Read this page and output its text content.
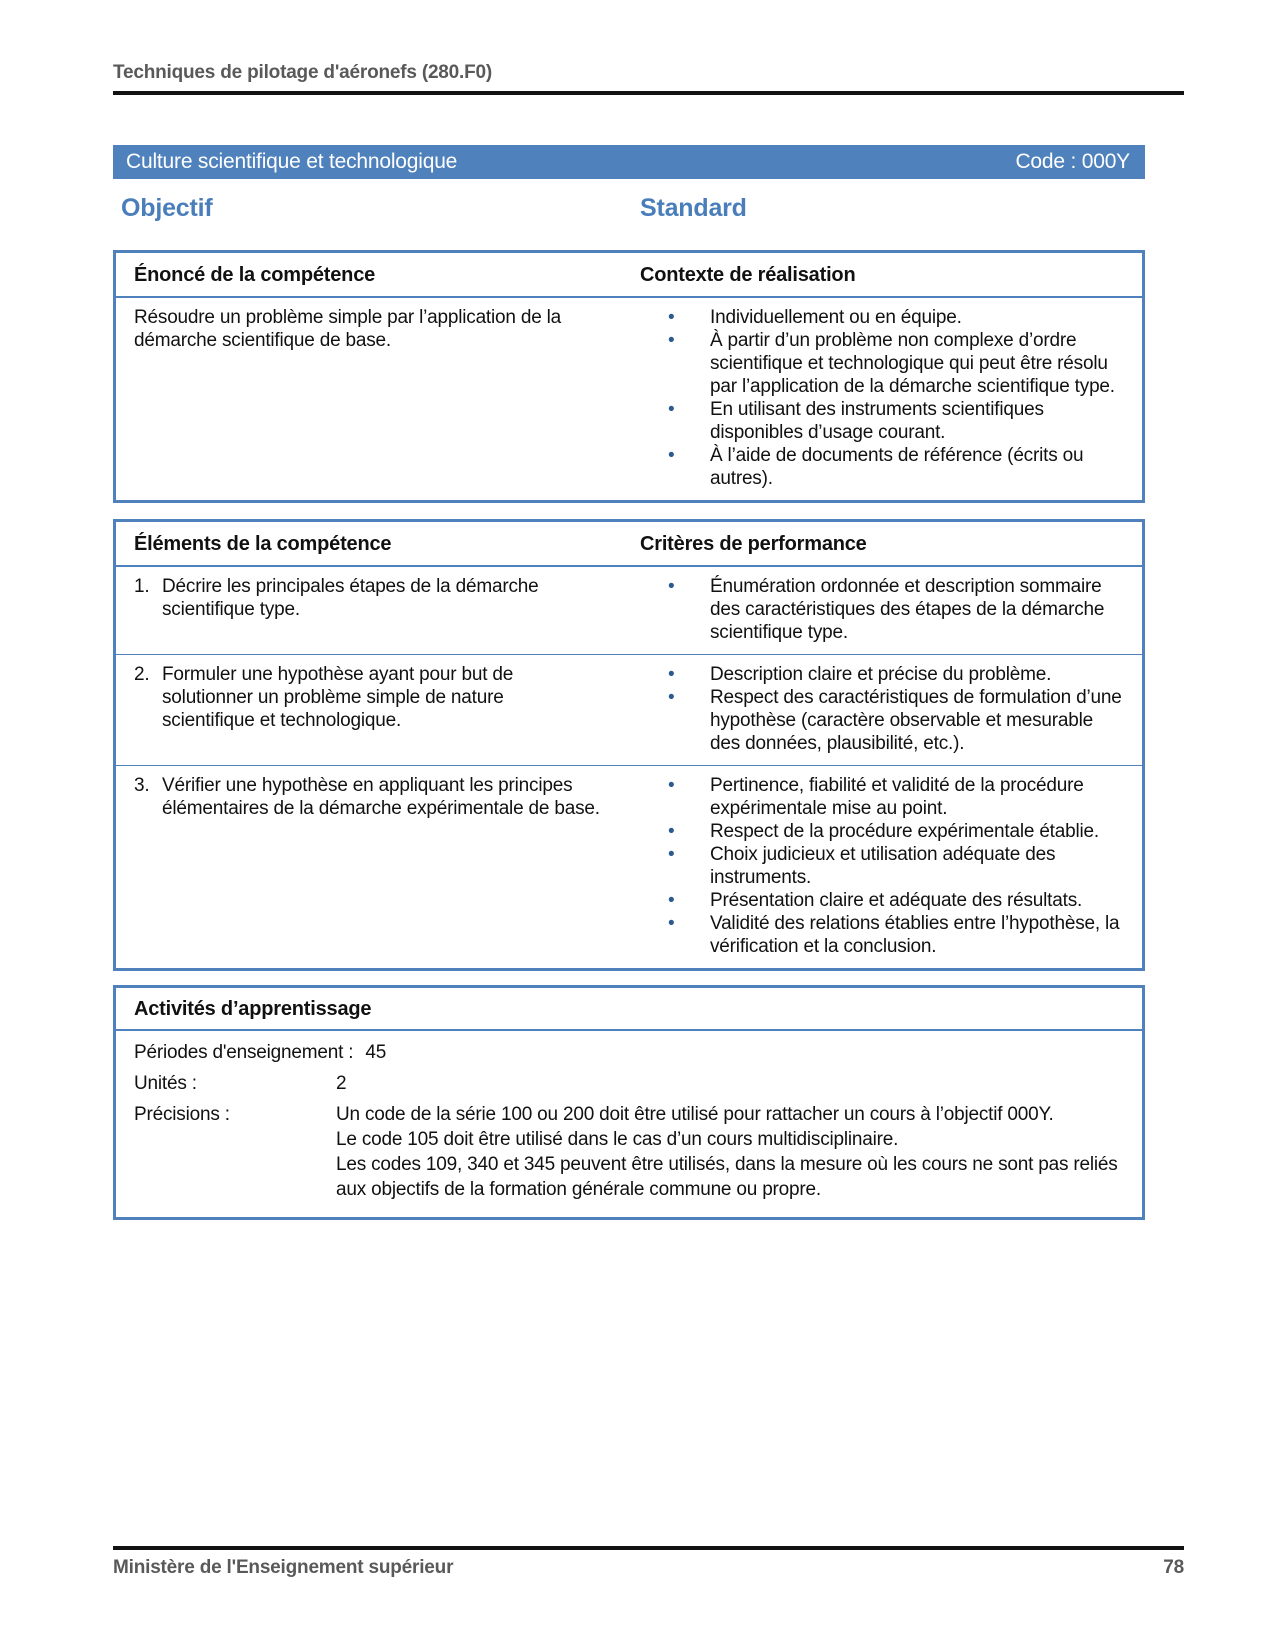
Techniques de pilotage d'aéronefs (280.F0)
Culture scientifique et technologique	Code : 000Y
Objectif	Standard
Énoncé de la compétence	Contexte de réalisation
Résoudre un problème simple par l’application de la démarche scientifique de base.
•	Individuellement ou en équipe.
•	À partir d’un problème non complexe d’ordre scientifique et technologique qui peut être résolu par l’application de la démarche scientifique type.
•	En utilisant des instruments scientifiques disponibles d’usage courant.
•	À l’aide de documents de référence (écrits ou autres).
Éléments de la compétence	Critères de performance
1. Décrire les principales étapes de la démarche scientifique type.
•	Énumération ordonnée et description sommaire des caractéristiques des étapes de la démarche scientifique type.
2. Formuler une hypothèse ayant pour but de solutionner un problème simple de nature scientifique et technologique.
•	Description claire et précise du problème.
•	Respect des caractéristiques de formulation d’une hypothèse (caractère observable et mesurable des données, plausibilité, etc.).
3. Vérifier une hypothèse en appliquant les principes élémentaires de la démarche expérimentale de base.
•	Pertinence, fiabilité et validité de la procédure expérimentale mise au point.
•	Respect de la procédure expérimentale établie.
•	Choix judicieux et utilisation adéquate des instruments.
•	Présentation claire et adéquate des résultats.
•	Validité des relations établies entre l’hypothèse, la vérification et la conclusion.
Activités d’apprentissage
Périodes d'enseignement : 45
Unités :	2
Précisions :	Un code de la série 100 ou 200 doit être utilisé pour rattacher un cours à l’objectif 000Y.
Le code 105 doit être utilisé dans le cas d’un cours multidisciplinaire.
Les codes 109, 340 et 345 peuvent être utilisés, dans la mesure où les cours ne sont pas reliés aux objectifs de la formation générale commune ou propre.
Ministère de l'Enseignement supérieur	78
